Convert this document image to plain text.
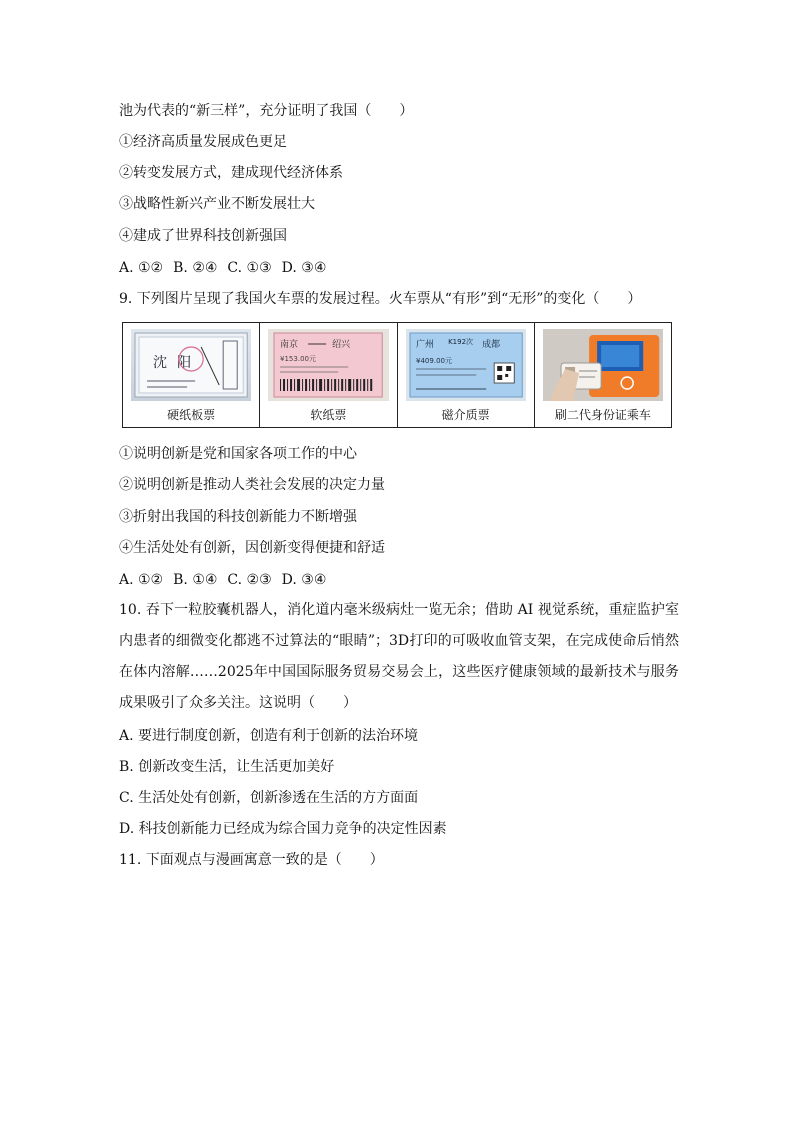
池为代表的“新三样”，充分证明了我国（　　）
①经济高质量发展成色更足
②转变发展方式，建成现代经济体系
③战略性新兴产业不断发展壮大
④建成了世界科技创新强国
A. ①② B. ②④ C. ①③ D. ③④
9. 下列图片呈现了我国火车票的发展过程。火车票从“有形”到“无形”的变化（　　）
沈 阳
硬纸板票
南京	绍兴
¥153.00元
软纸票
广州 K192次 成都
¥409.00元
磁介质票	刷二代身份证乘车
①说明创新是党和国家各项工作的中心
②说明创新是推动人类社会发展的决定力量
③折射出我国的科技创新能力不断增强
④生活处处有创新，因创新变得便捷和舒适
A. ①② B. ①④ C. ②③ D. ③④
10. 吞下一粒胶囊机器人，消化道内毫米级病灶一览无余；借助 AI 视觉系统，重症监护室内患者的细微变化都逃不过算法的“眼睛”；3D打印的可吸收血管支架，在完成使命后悄然在体内溶解……2025年中国国际服务贸易交易会上，这些医疗健康领域的最新技术与服务成果吸引了众多关注。这说明（　　）
A. 要进行制度创新，创造有利于创新的法治环境
B. 创新改变生活，让生活更加美好
C. 生活处处有创新，创新渗透在生活的方方面面
D. 科技创新能力已经成为综合国力竞争的决定性因素
11. 下面观点与漫画寓意一致的是（　　）
